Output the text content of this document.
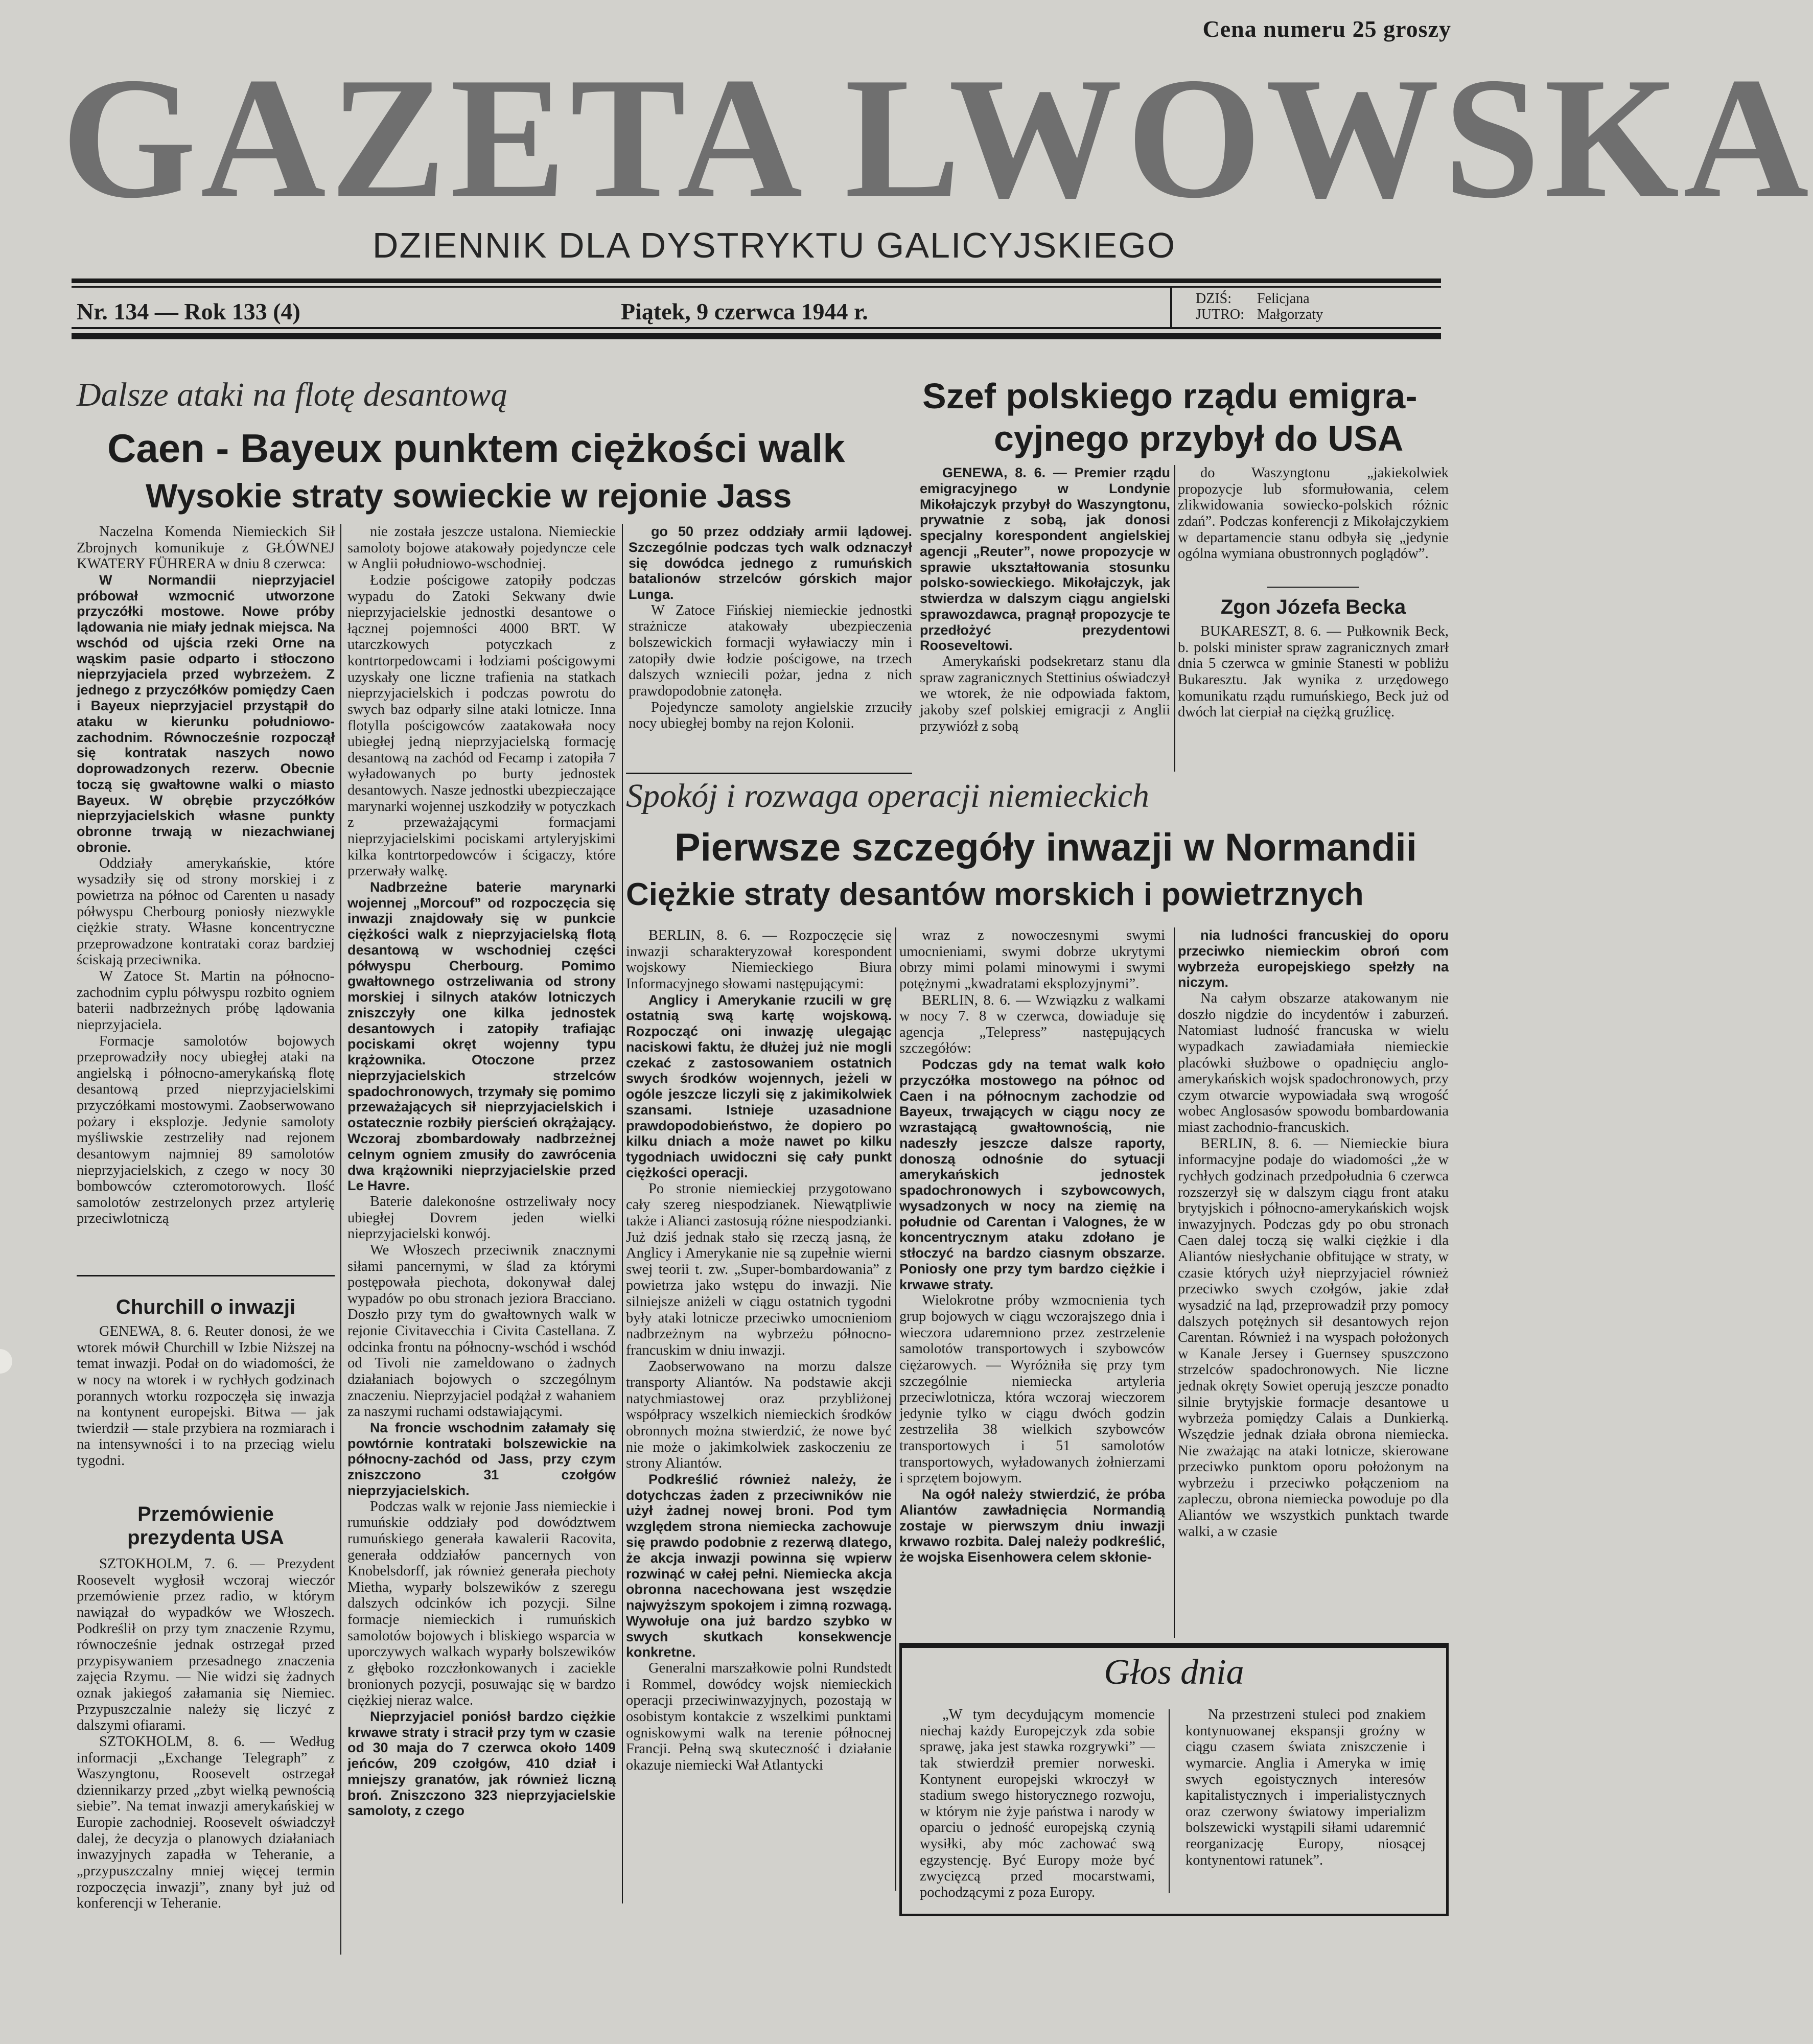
Cena numeru 25 groszy
GAZETA LWOWSKA
DZIENNIK DLA DYSTRYKTU GALICYJSKIEGO
Nr. 134 — Rok 133 (4)	Piątek, 9 czerwca 1944 r.	DZIŚ: Felicjana
JUTRO: Małgorzaty
Dalsze ataki na flotę desantową
Caen - Bayeux punktem ciężkości walk
Wysokie straty sowieckie w rejonie Jass

Naczelna Komenda Niemieckich Sił Zbrojnych komunikuje z GŁÓWNEJ KWATERY FÜHRERA w dniu 8 czerwca:

W Normandii nieprzyjaciel próbował wzmocnić utworzone przyczółki mostowe. Nowe próby lądowania nie miały jednak miejsca. Na wschód od ujścia rzeki Orne na wąskim pasie odparto i stłoczono nieprzyjaciela przed wybrzeżem. Z jednego z przyczółków pomiędzy Caen i Bayeux nieprzyjaciel przystąpił do ataku w kierunku południowo-zachodnim. Równocześnie rozpoczął się kontratak naszych nowo doprowadzonych rezerw. Obecnie toczą się gwałtowne walki o miasto Bayeux. W obrębie przyczółków nieprzyjacielskich własne punkty obronne trwają w niezachwianej obronie.

Oddziały amerykańskie, które wysadziły się od strony morskiej i z powietrza na północ od Carenten u nasady półwyspu Cherbourg poniosły niezwykle ciężkie straty. Własne koncentryczne przeprowadzone kontrataki coraz bardziej ściskają przeciwnika.

W Zatoce St. Martin na północno-zachodnim cyplu półwyspu rozbito ogniem baterii nadbrzeżnych próbę lądowania nieprzyjaciela.

Formacje samolotów bojowych przeprowadziły nocy ubiegłej ataki na angielską i północno-amerykańską flotę desantową przed nieprzyjacielskimi przyczółkami mostowymi. Zaobserwowano pożary i eksplozje. Jedynie samoloty myśliwskie zestrzeliły nad rejonem desantowym najmniej 89 samolotów nieprzyjacielskich, z czego w nocy 30 bombowców czteromotorowych. Ilość samolotów zestrzelonych przez artylerię przeciwlotniczą

nie została jeszcze ustalona. Niemieckie samoloty bojowe atakowały pojedyncze cele w Anglii południowo-wschodniej.

Łodzie pościgowe zatopiły podczas wypadu do Zatoki Sekwany dwie nieprzyjacielskie jednostki desantowe o łącznej pojemności 4000 BRT. W utarczkowych potyczkach z kontrtorpedowcami i łodziami pościgowymi uzyskały one liczne trafienia na statkach nieprzyjacielskich i podczas powrotu do swych baz odparły silne ataki lotnicze. Inna flotylla pościgowców zaatakowała nocy ubiegłej jedną nieprzyjacielską formację desantową na zachód od Fecamp i zatopiła 7 wyładowanych po burty jednostek desantowych. Nasze jednostki ubezpieczające marynarki wojennej uszkodziły w potyczkach z przeważającymi formacjami nieprzyjacielskimi pociskami artyleryjskimi kilka kontrtorpedowców i ścigaczy, które przerwały walkę.

Nadbrzeżne baterie marynarki wojennej „Morcouf” od rozpoczęcia się inwazji znajdowały się w punkcie ciężkości walk z nieprzyjacielską flotą desantową w wschodniej części półwyspu Cherbourg. Pomimo gwałtownego ostrzeliwania od strony morskiej i silnych ataków lotniczych zniszczyły one kilka jednostek desantowych i zatopiły trafiając pociskami okręt wojenny typu krążownika. Otoczone przez nieprzyjacielskich strzelców spadochronowych, trzymały się pomimo przeważających sił nieprzyjacielskich i ostatecznie rozbiły pierścień okrążający. Wczoraj zbombardowały nadbrzeżnej celnym ogniem zmusiły do zawrócenia dwa krążowniki nieprzyjacielskie przed Le Havre.

Baterie dalekonośne ostrzeliwały nocy ubiegłej Dovrem jeden wielki nieprzyjacielski konwój.

We Włoszech przeciwnik znacznymi siłami pancernymi, w ślad za którymi postępowała piechota, dokonywał dalej wypadów po obu stronach jeziora Bracciano. Doszło przy tym do gwałtownych walk w rejonie Civitavecchia i Civita Castellana. Z odcinka frontu na północny-wschód i wschód od Tivoli nie zameldowano o żadnych działaniach bojowych o szczególnym znaczeniu. Nieprzyjaciel podążał z wahaniem za naszymi ruchami odstawiającymi.

Na froncie wschodnim załamały się powtórnie kontrataki bolszewickie na północny-zachód od Jass, przy czym zniszczono 31 czołgów nieprzyjacielskich.

Podczas walk w rejonie Jass niemieckie i rumuńskie oddziały pod dowództwem rumuńskiego generała kawalerii Racovita, generała oddziałów pancernych von Knobelsdorff, jak również generała piechoty Mietha, wyparły bolszewików z szeregu dalszych odcinków ich pozycji. Silne formacje niemieckich i rumuńskich samolotów bojowych i bliskiego wsparcia w uporczywych walkach wyparły bolszewików z głęboko rozczłonkowanych i zaciekle bronionych pozycji, posuwając się w bardzo ciężkiej nieraz walce.

Nieprzyjaciel poniósł bardzo ciężkie krwawe straty i stracił przy tym w czasie od 30 maja do 7 czerwca około 1409 jeńców, 209 czołgów, 410 dział i mniejszy granatów, jak również liczną broń. Zniszczono 323 nieprzyjacielskie samoloty, z czego

go 50 przez oddziały armii lądowej. Szczególnie podczas tych walk odznaczył się dowódca jednego z rumuńskich batalionów strzelców górskich major Lunga.

W Zatoce Fińskiej niemieckie jednostki strażnicze atakowały ubezpieczenia bolszewickich formacji wyławiaczy min i zatopiły dwie łodzie pościgowe, na trzech dalszych wzniecili pożar, jedna z nich prawdopodobnie zatonęła.

Pojedyncze samoloty angielskie zrzuciły nocy ubiegłej bomby na rejon Kolonii.

Churchill o inwazji

GENEWA, 8. 6. Reuter donosi, że we wtorek mówił Churchill w Izbie Niższej na temat inwazji. Podał on do wiadomości, że w nocy na wtorek i w rychłych godzinach porannych wtorku rozpoczęła się inwazja na kontynent europejski. Bitwa — jak twierdził — stale przybiera na rozmiarach i na intensywności i to na przeciąg wielu tygodni.

Przemówienie
prezydenta USA

SZTOKHOLM, 7. 6. — Prezydent Roosevelt wygłosił wczoraj wieczór przemówienie przez radio, w którym nawiązał do wypadków we Włoszech. Podkreślił on przy tym znaczenie Rzymu, równocześnie jednak ostrzegał przed przypisywaniem przesadnego znaczenia zajęcia Rzymu. — Nie widzi się żadnych oznak jakiegoś załamania się Niemiec. Przypuszczalnie należy się liczyć z dalszymi ofiarami.

SZTOKHOLM, 8. 6. — Według informacji „Exchange Telegraph” z Waszyngtonu, Roosevelt ostrzegał dziennikarzy przed „zbyt wielką pewnością siebie”. Na temat inwazji amerykańskiej w Europie zachodniej. Roosevelt oświadczył dalej, że decyzja o planowych działaniach inwazyjnych zapadła w Teheranie, a „przypuszczalny mniej więcej termin rozpoczęcia inwazji”, znany był już od konferencji w Teheranie.

Szef polskiego rządu emigra-
cyjnego przybył do USA

GENEWA, 8. 6. — Premier rządu emigracyjnego w Londynie Mikołajczyk przybył do Waszyngtonu, prywatnie z sobą, jak donosi specjalny korespondent angielskiej agencji „Reuter”, nowe propozycje w sprawie ukształtowania stosunku polsko-sowieckiego. Mikołajczyk, jak stwierdza w dalszym ciągu angielski sprawozdawca, pragnął propozycje te przedłożyć prezydentowi Rooseveltowi.

Amerykański podsekretarz stanu dla spraw zagranicznych Stettinius oświadczył we wtorek, że nie odpowiada faktom, jakoby szef polskiej emigracji z Anglii przywiózł z sobą

do Waszyngtonu „jakiekolwiek propozycje lub sformułowania, celem zlikwidowania sowiecko-polskich różnic zdań”. Podczas konferencji z Mikołajczykiem w departamencie stanu odbyła się „jedynie ogólna wymiana obustronnych poglądów”.

Zgon Józefa Becka

BUKARESZT, 8. 6. — Pułkownik Beck, b. polski minister spraw zagranicznych zmarł dnia 5 czerwca w gminie Stanesti w pobliżu Bukaresztu. Jak wynika z urzędowego komunikatu rządu rumuńskiego, Beck już od dwóch lat cierpiał na ciężką gruźlicę.

Spokój i rozwaga operacji niemieckich
Pierwsze szczegóły inwazji w Normandii
Ciężkie straty desantów morskich i powietrznych

BERLIN, 8. 6. — Rozpoczęcie się inwazji scharakteryzował korespondent wojskowy Niemieckiego Biura Informacyjnego słowami następującymi:

Anglicy i Amerykanie rzucili w grę ostatnią swą kartę wojskową. Rozpocząć oni inwazję ulegając naciskowi faktu, że dłużej już nie mogli czekać z zastosowaniem ostatnich swych środków wojennych, jeżeli w ogóle jeszcze liczyli się z jakimikolwiek szansami. Istnieje uzasadnione prawdopodobieństwo, że dopiero po kilku dniach a może nawet po kilku tygodniach uwidoczni się cały punkt ciężkości operacji.

Po stronie niemieckiej przygotowano cały szereg niespodzianek. Niewątpliwie także i Alianci zastosują różne niespodzianki. Już dziś jednak stało się rzeczą jasną, że Anglicy i Amerykanie nie są zupełnie wierni swej teorii t. zw. „Super-bombardowania” z powietrza jako wstępu do inwazji. Nie silniejsze aniżeli w ciągu ostatnich tygodni były ataki lotnicze przeciwko umocnieniom nadbrzeżnym na wybrzeżu północno-francuskim w dniu inwazji.

Zaobserwowano na morzu dalsze transporty Aliantów. Na podstawie akcji natychmiastowej oraz przybliżonej współpracy wszelkich niemieckich środków obronnych można stwierdzić, że nowe być nie może o jakimkolwiek zaskoczeniu ze strony Aliantów.

Podkreślić również należy, że dotychczas żaden z przeciwników nie użył żadnej nowej broni. Pod tym względem strona niemiecka zachowuje się prawdo podobnie z rezerwą dlatego, że akcja inwazji powinna się wpierw rozwinąć w całej pełni. Niemiecka akcja obronna nacechowana jest wszędzie najwyższym spokojem i zimną rozwagą. Wywołuje ona już bardzo szybko w swych skutkach konsekwencje konkretne.

Generalni marszałkowie polni Rundstedt i Rommel, dowódcy wojsk niemieckich operacji przeciwinwazyjnych, pozostają w osobistym kontakcie z wszelkimi punktami ogniskowymi walk na terenie północnej Francji. Pełną swą skuteczność i działanie okazuje niemiecki Wał Atlantycki

wraz z nowoczesnymi swymi umocnieniami, swymi dobrze ukrytymi obrzy mimi polami minowymi i swymi potężnymi „kwadratami eksplozyjnymi”.

BERLIN, 8. 6. — Wzwiązku z walkami w nocy 7. 8 w czerwca, dowiaduje się agencja „Telepress” następujących szczegółów:

Podczas gdy na temat walk koło przyczółka mostowego na północ od Caen i na północnym zachodzie od Bayeux, trwających w ciągu nocy ze wzrastającą gwałtownością, nie nadeszły jeszcze dalsze raporty, donoszą odnośnie do sytuacji amerykańskich jednostek spadochronowych i szybowcowych, wysadzonych w nocy na ziemię na południe od Carentan i Valognes, że w koncentrycznym ataku zdołano je stłoczyć na bardzo ciasnym obszarze. Poniosły one przy tym bardzo ciężkie i krwawe straty.

Wielokrotne próby wzmocnienia tych grup bojowych w ciągu wczorajszego dnia i wieczora udaremniono przez zestrzelenie samolotów transportowych i szybowców ciężarowych. — Wyróżniła się przy tym szczególnie niemiecka artyleria przeciwlotnicza, która wczoraj wieczorem jedynie tylko w ciągu dwóch godzin zestrzeliła 38 wielkich szybowców transportowych i 51 samolotów transportowych, wyładowanych żołnierzami i sprzętem bojowym.

Na ogół należy stwierdzić, że próba Aliantów zawładnięcia Normandią zostaje w pierwszym dniu inwazji krwawo rozbita. Dalej należy podkreślić, że wojska Eisenhowera celem skłonie-

nia ludności francuskiej do oporu przeciwko niemieckim obroń com wybrzeża europejskiego spełzły na niczym.

Na całym obszarze atakowanym nie doszło nigdzie do incydentów i zaburzeń. Natomiast ludność francuska w wielu wypadkach zawiadamiała niemieckie placówki służbowe o opadnięciu anglo-amerykańskich wojsk spadochronowych, przy czym otwarcie wypowiadała swą wrogość wobec Anglosasów spowodu bombardowania miast zachodnio-francuskich.

BERLIN, 8. 6. — Niemieckie biura informacyjne podaje do wiadomości „że w rychłych godzinach przedpołudnia 6 czerwca rozszerzył się w dalszym ciągu front ataku brytyjskich i północno-amerykańskich wojsk inwazyjnych. Podczas gdy po obu stronach Caen dalej toczą się walki ciężkie i dla Aliantów niesłychanie obfitujące w straty, w czasie których użył nieprzyjaciel również przeciwko swych czołgów, jakie zdał wysadzić na ląd, przeprowadził przy pomocy dalszych potężnych sił desantowych rejon Carentan. Również i na wyspach położonych w Kanale Jersey i Guernsey spuszczono strzelców spadochronowych. Nie liczne jednak okręty Sowiet operują jeszcze ponadto silnie brytyjskie formacje desantowe u wybrzeża pomiędzy Calais a Dunkierką. Wszędzie jednak działa obrona niemiecka. Nie zważając na ataki lotnicze, skierowane przeciwko punktom oporu położonym na wybrzeżu i przeciwko połączeniom na zapleczu, obrona niemiecka powoduje po dla Aliantów we wszystkich punktach twarde walki, a w czasie

Głos dnia

„W tym decydującym momencie niechaj każdy Europejczyk zda sobie sprawę, jaka jest stawka rozgrywki” — tak stwierdził premier norweski. Kontynent europejski wkroczył w stadium swego historycznego rozwoju, w którym nie żyje państwa i narody w oparciu o jedność europejską czynią wysiłki, aby móc zachować swą egzystencję. Być Europy może być zwycięzcą przed mocarstwami, pochodzącymi z poza Europy.

Na przestrzeni stuleci pod znakiem kontynuowanej ekspansji groźny w ciągu czasem świata zniszczenie i wymarcie. Anglia i Ameryka w imię swych egoistycznych interesów kapitalistycznych i imperialistycznych oraz czerwony światowy imperializm bolszewicki wystąpili siłami udaremnić reorganizację Europy, niosącej kontynentowi ratunek”.
